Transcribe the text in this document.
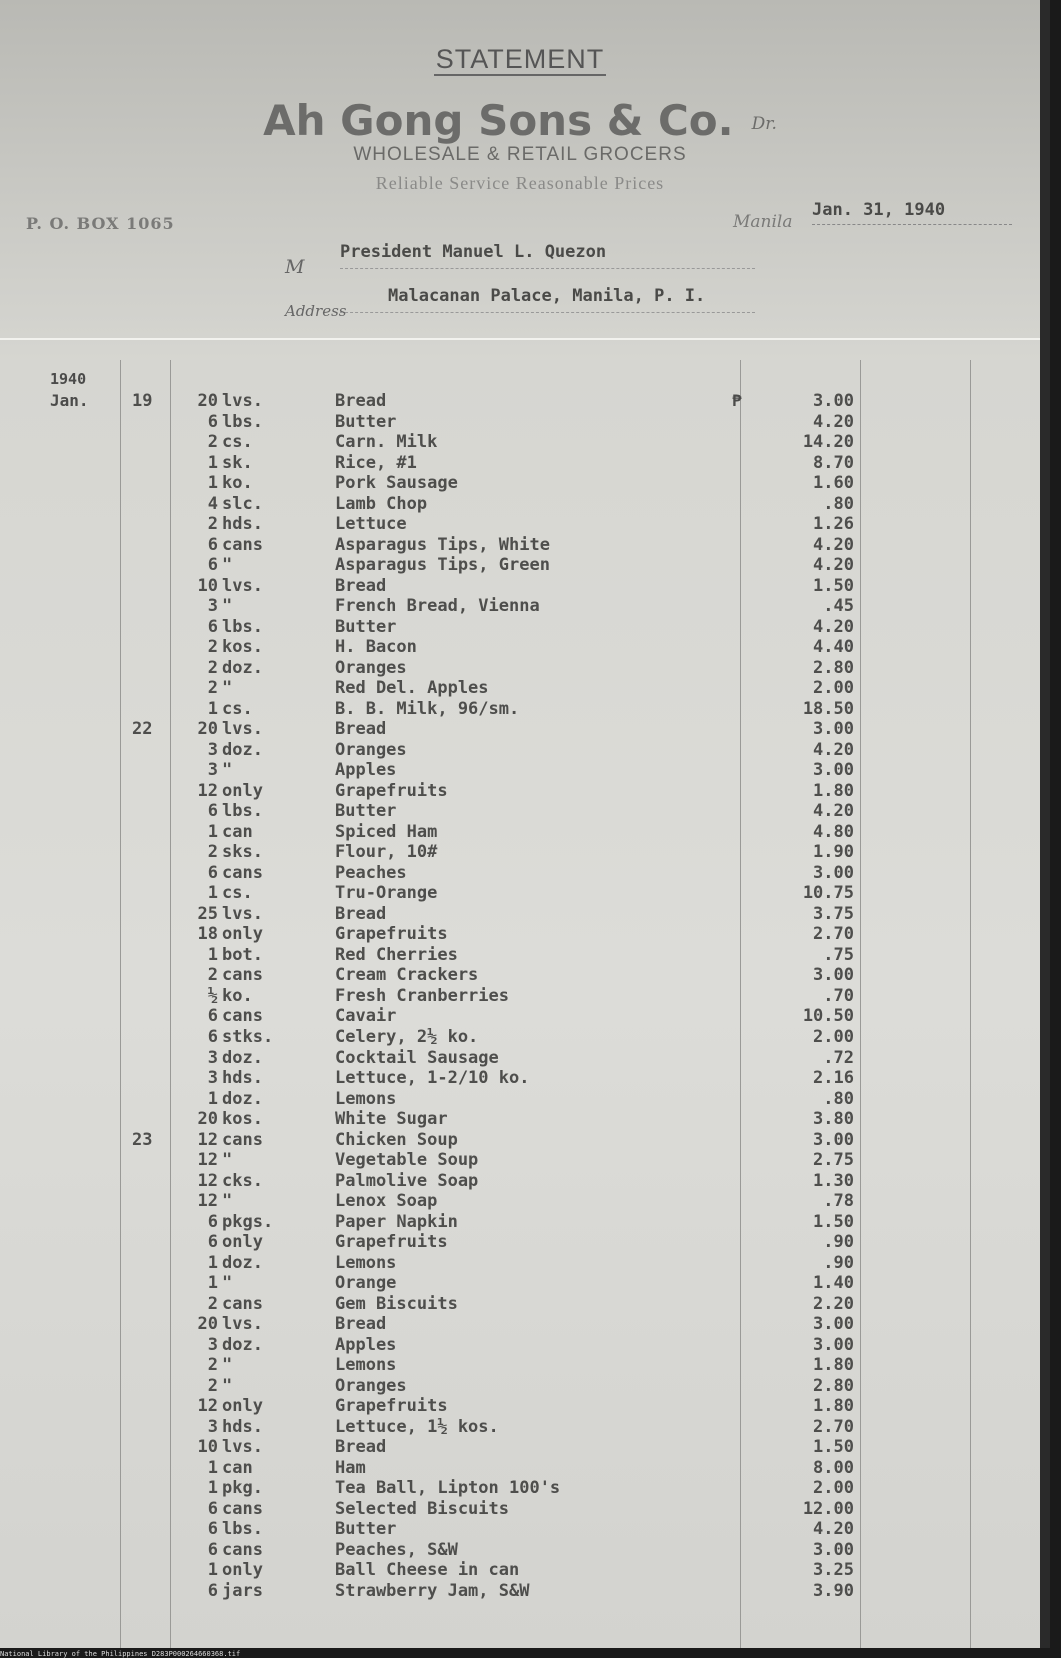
STATEMENT
Ah Gong Sons & Co. Dr.
WHOLESALE & RETAIL GROCERS
Reliable Service Reasonable Prices
P. O. BOX 1065	Manila
Jan. 31, 1940
M
President Manuel L. Quezon
Address
Malacanan Palace, Manila, P. I.
1940
Jan.	₱
19	20 lvs.	Bread	3.00
6 lbs.	Butter	4.20
2 cs.	Carn. Milk	14.20
1 sk.	Rice, #1	8.70
1 ko.	Pork Sausage	1.60
4 slc.	Lamb Chop	.80
2 hds.	Lettuce	1.26
6 cans	Asparagus Tips, White	4.20
6 "	Asparagus Tips, Green	4.20
10 lvs.	Bread	1.50
3 "	French Bread, Vienna	.45
6 lbs.	Butter	4.20
2 kos.	H. Bacon	4.40
2 doz.	Oranges	2.80
2 "	Red Del. Apples	2.00
1 cs.	B. B. Milk, 96/sm.	18.50
22	20 lvs.	Bread	3.00
3 doz.	Oranges	4.20
3 "	Apples	3.00
12 only	Grapefruits	1.80
6 lbs.	Butter	4.20
1 can	Spiced Ham	4.80
2 sks.	Flour, 10#	1.90
6 cans	Peaches	3.00
1 cs.	Tru-Orange	10.75
25 lvs.	Bread	3.75
18 only	Grapefruits	2.70
1 bot.	Red Cherries	.75
2 cans	Cream Crackers	3.00
½ ko.	Fresh Cranberries	.70
6 cans	Cavair	10.50
6 stks.	Celery, 2½ ko.	2.00
3 doz.	Cocktail Sausage	.72
3 hds.	Lettuce, 1-2/10 ko.	2.16
1 doz.	Lemons	.80
20 kos.	White Sugar	3.80
23	12 cans	Chicken Soup	3.00
12 "	Vegetable Soup	2.75
12 cks.	Palmolive Soap	1.30
12 "	Lenox Soap	.78
6 pkgs.	Paper Napkin	1.50
6 only	Grapefruits	.90
1 doz.	Lemons	.90
1 "	Orange	1.40
2 cans	Gem Biscuits	2.20
20 lvs.	Bread	3.00
3 doz.	Apples	3.00
2 "	Lemons	1.80
2 "	Oranges	2.80
12 only	Grapefruits	1.80
3 hds.	Lettuce, 1½ kos.	2.70
10 lvs.	Bread	1.50
1 can	Ham	8.00
1 pkg.	Tea Ball, Lipton 100's	2.00
6 cans	Selected Biscuits	12.00
6 lbs.	Butter	4.20
6 cans	Peaches, S&W	3.00
1 only	Ball Cheese in can	3.25
6 jars	Strawberry Jam, S&W	3.90
National Library of the Philippines D283P000264660368.tif
